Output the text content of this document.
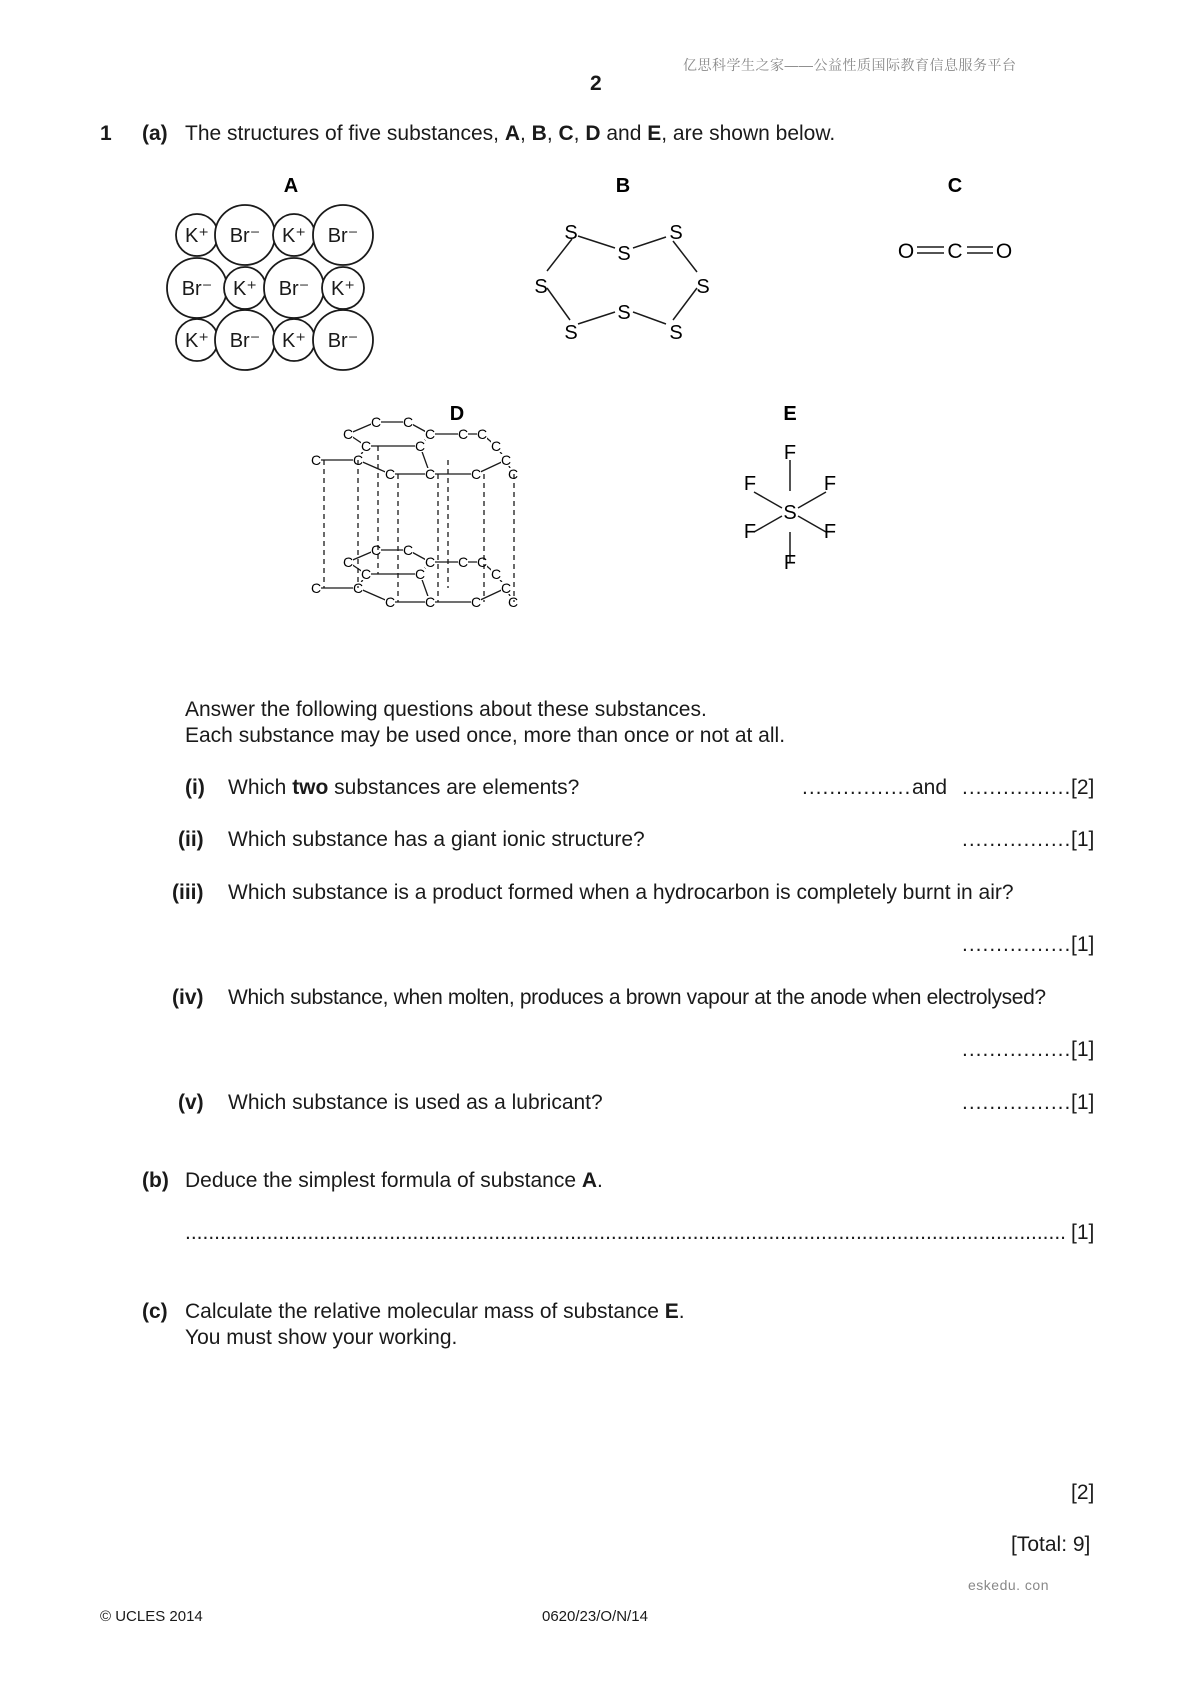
亿思科学生之家——公益性质国际教育信息服务平台
2
1 (a) The structures of five substances, A, B, C, D and E, are shown below.
A
K⁺ Br⁻ K⁺ Br⁻
Br⁻ K⁺ Br⁻ K⁺
K⁺ Br⁻ K⁺ Br⁻
B
S
S
S
S
S
S
S
S
C
O C O
D
C C
C	C C C
C C
C C	C
C
C	C	C
C
C C
C	C C C
C C
C C	C
C
C	C	C
C
E
S
F
F	F
F	F
F
Answer the following questions about these substances.
Each substance may be used once, more than once or not at all.
(i) Which two substances are elements?	................ and ................ [2]
(ii) Which substance has a giant ionic structure?	................ [1]
(iii) Which substance is a product formed when a hydrocarbon is completely burnt in air?
................ [1]
(iv) Which substance, when molten, produces a brown vapour at the anode when electrolysed?
................ [1]
(v) Which substance is used as a lubricant?	................ [1]
(b) Deduce the simplest formula of substance A.
....................................................................................................................................................... [1]
(c) Calculate the relative molecular mass of substance E.
You must show your working.
[2]
[Total: 9]
eskedu. con
© UCLES 2014	0620/23/O/N/14
